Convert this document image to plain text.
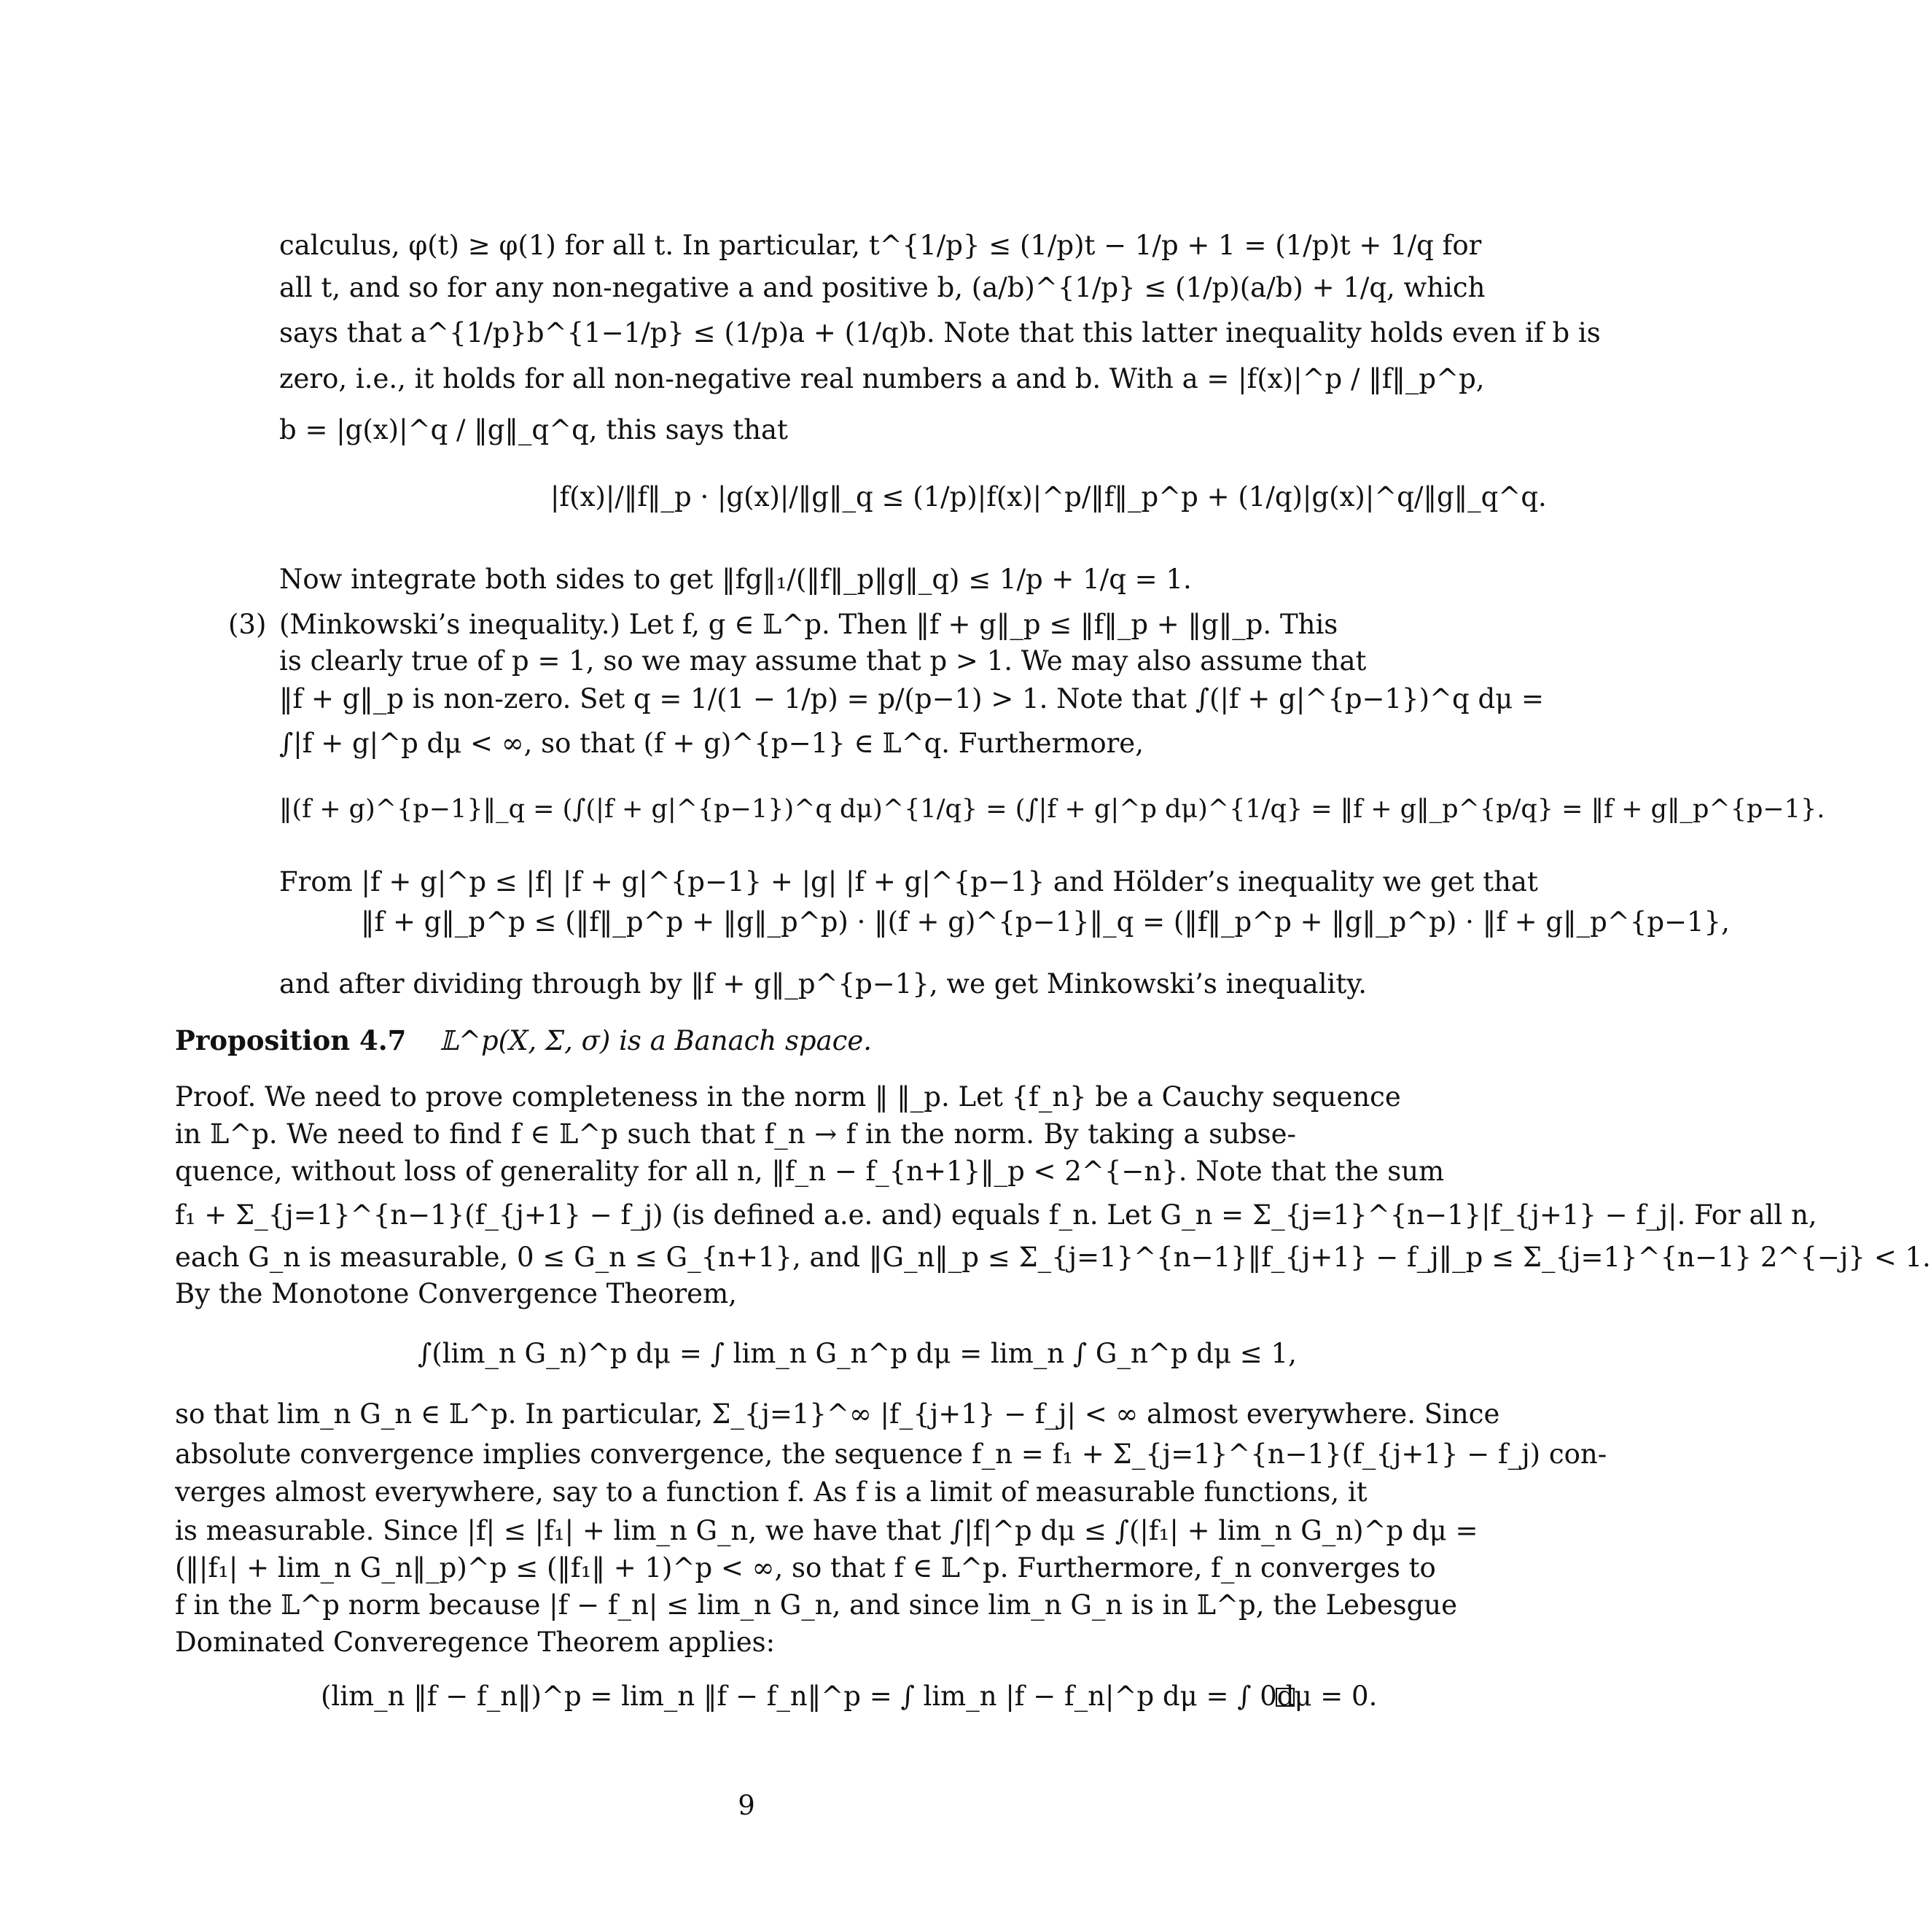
calculus, φ(t) ≥ φ(1) for all t. In particular, t^{1/p} ≤ (1/p)t − 1/p + 1 = (1/p)t + 1/q for
all t, and so for any non-negative a and positive b, (a/b)^{1/p} ≤ (1/p)(a/b) + 1/q, which
says that a^{1/p}b^{1−1/p} ≤ (1/p)a + (1/q)b. Note that this latter inequality holds even if b is
zero, i.e., it holds for all non-negative real numbers a and b. With a = |f(x)|^p / ‖f‖_p^p,
b = |g(x)|^q / ‖g‖_q^q, this says that
|f(x)|/‖f‖_p · |g(x)|/‖g‖_q ≤ (1/p)|f(x)|^p/‖f‖_p^p + (1/q)|g(x)|^q/‖g‖_q^q.
Now integrate both sides to get ‖fg‖₁/(‖f‖_p‖g‖_q) ≤ 1/p + 1/q = 1.
(3) (Minkowski’s inequality.) Let f, g ∈ 𝕃^p. Then ‖f + g‖_p ≤ ‖f‖_p + ‖g‖_p. This
is clearly true of p = 1, so we may assume that p > 1. We may also assume that
‖f + g‖_p is non-zero. Set q = 1/(1 − 1/p) = p/(p−1) > 1. Note that ∫(|f + g|^{p−1})^q dμ =
∫|f + g|^p dμ < ∞, so that (f + g)^{p−1} ∈ 𝕃^q. Furthermore,
‖(f + g)^{p−1}‖_q = (∫(|f + g|^{p−1})^q dμ)^{1/q} = (∫|f + g|^p dμ)^{1/q} = ‖f + g‖_p^{p/q} = ‖f + g‖_p^{p−1}.
From |f + g|^p ≤ |f| |f + g|^{p−1} + |g| |f + g|^{p−1} and Hölder’s inequality we get that
‖f + g‖_p^p ≤ (‖f‖_p^p + ‖g‖_p^p) · ‖(f + g)^{p−1}‖_q = (‖f‖_p^p + ‖g‖_p^p) · ‖f + g‖_p^{p−1},
and after dividing through by ‖f + g‖_p^{p−1}, we get Minkowski’s inequality.
Proposition 4.7 𝕃^p(X, Σ, σ) is a Banach space.
Proof. We need to prove completeness in the norm ‖ ‖_p. Let {f_n} be a Cauchy sequence
in 𝕃^p. We need to find f ∈ 𝕃^p such that f_n → f in the norm. By taking a subse-
quence, without loss of generality for all n, ‖f_n − f_{n+1}‖_p < 2^{−n}. Note that the sum
f₁ + Σ_{j=1}^{n−1}(f_{j+1} − f_j) (is defined a.e. and) equals f_n. Let G_n = Σ_{j=1}^{n−1}|f_{j+1} − f_j|. For all n,
each G_n is measurable, 0 ≤ G_n ≤ G_{n+1}, and ‖G_n‖_p ≤ Σ_{j=1}^{n−1}‖f_{j+1} − f_j‖_p ≤ Σ_{j=1}^{n−1} 2^{−j} < 1.
By the Monotone Convergence Theorem,
∫(lim_n G_n)^p dμ = ∫ lim_n G_n^p dμ = lim_n ∫ G_n^p dμ ≤ 1,
so that lim_n G_n ∈ 𝕃^p. In particular, Σ_{j=1}^∞ |f_{j+1} − f_j| < ∞ almost everywhere. Since
absolute convergence implies convergence, the sequence f_n = f₁ + Σ_{j=1}^{n−1}(f_{j+1} − f_j) con-
verges almost everywhere, say to a function f. As f is a limit of measurable functions, it
is measurable. Since |f| ≤ |f₁| + lim_n G_n, we have that ∫|f|^p dμ ≤ ∫(|f₁| + lim_n G_n)^p dμ =
(‖|f₁| + lim_n G_n‖_p)^p ≤ (‖f₁‖ + 1)^p < ∞, so that f ∈ 𝕃^p. Furthermore, f_n converges to
f in the 𝕃^p norm because |f − f_n| ≤ lim_n G_n, and since lim_n G_n is in 𝕃^p, the Lebesgue
Dominated Converegence Theorem applies:
(lim_n ‖f − f_n‖)^p = lim_n ‖f − f_n‖^p = ∫ lim_n |f − f_n|^p dμ = ∫ 0dμ = 0.
9
